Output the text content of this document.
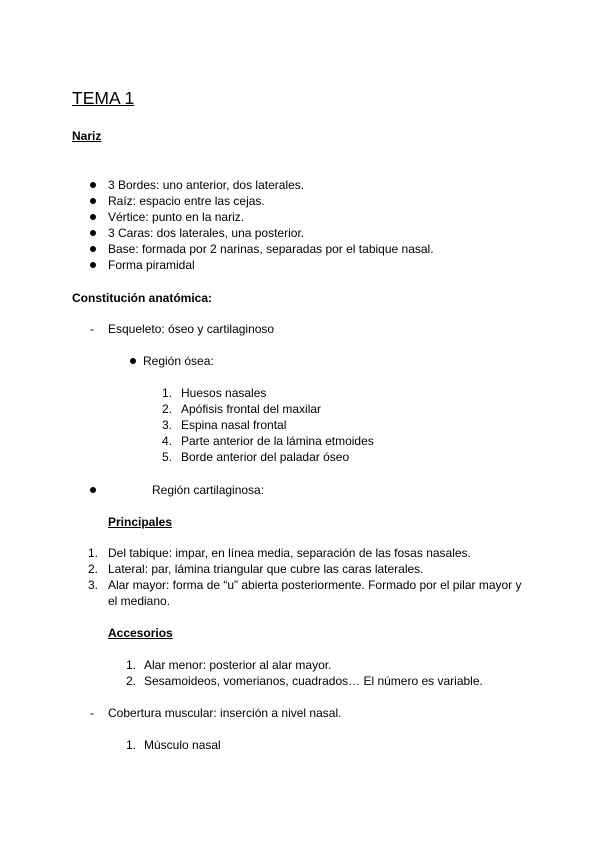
TEMA 1
Nariz
3 Bordes: uno anterior, dos laterales.
Raíz: espacio entre las cejas.
Vértice: punto en la nariz.
3 Caras: dos laterales, una posterior.
Base: formada por 2 narinas, separadas por el tabique nasal.
Forma piramidal
Constitución anatómica:
- Esqueleto: óseo y cartilaginoso
Región ósea:
1. Huesos nasales
2. Apófisis frontal del maxilar
3. Espina nasal frontal
4. Parte anterior de la lámina etmoides
5. Borde anterior del paladar óseo
Región cartilaginosa:
Principales
1. Del tabique: impar, en línea media, separación de las fosas nasales.
2. Lateral: par, lámina triangular que cubre las caras laterales.
3. Alar mayor: forma de “u” abierta posteriormente. Formado por el pilar mayor y
el mediano.
Accesorios
1. Alar menor: posterior al alar mayor.
2. Sesamoideos, vomerianos, cuadrados… El número es variable.
- Cobertura muscular: inserción a nivel nasal.
1. Músculo nasal
